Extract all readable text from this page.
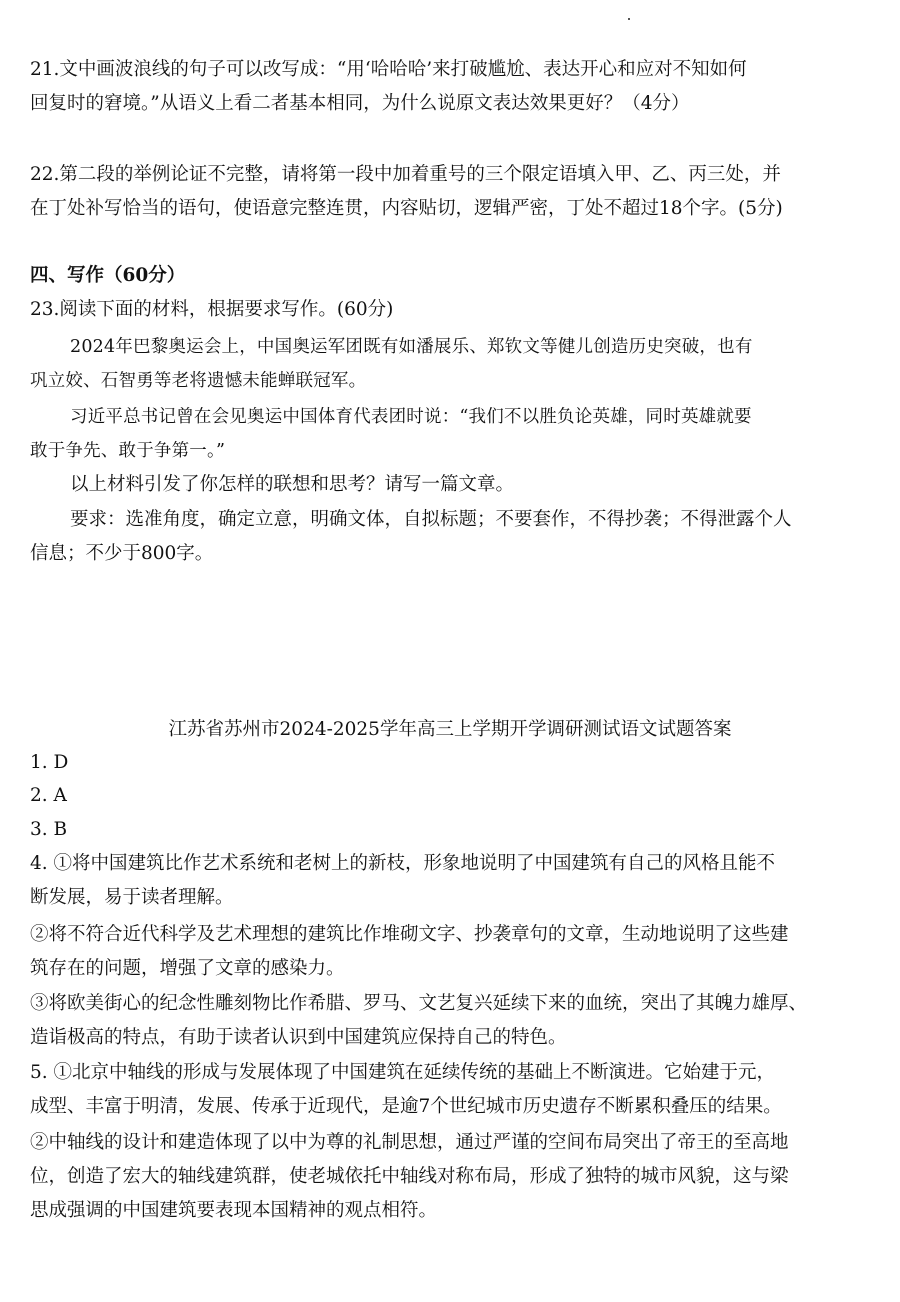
21.文中画波浪线的句子可以改写成：“用‘哈哈哈’来打破尴尬、表达开心和应对不知如何
回复时的窘境。”从语义上看二者基本相同，为什么说原文表达效果更好？（4分）
22.第二段的举例论证不完整，请将第一段中加着重号的三个限定语填入甲、乙、丙三处，并
在丁处补写恰当的语句，使语意完整连贯，内容贴切，逻辑严密，丁处不超过18个字。(5分)
四、写作（60分）
23.阅读下面的材料，根据要求写作。(60分)
2024年巴黎奥运会上，中国奥运军团既有如潘展乐、郑钦文等健儿创造历史突破，也有
巩立姣、石智勇等老将遗憾未能蝉联冠军。
习近平总书记曾在会见奥运中国体育代表团时说：“我们不以胜负论英雄，同时英雄就要
敢于争先、敢于争第一。”
以上材料引发了你怎样的联想和思考？请写一篇文章。
要求：选准角度，确定立意，明确文体，自拟标题；不要套作，不得抄袭；不得泄露个人
信息；不少于800字。
江苏省苏州市2024-2025学年高三上学期开学调研测试语文试题答案
1. D
2. A
3. B
4. ①将中国建筑比作艺术系统和老树上的新枝，形象地说明了中国建筑有自己的风格且能不
断发展，易于读者理解。
②将不符合近代科学及艺术理想的建筑比作堆砌文字、抄袭章句的文章，生动地说明了这些建
筑存在的问题，增强了文章的感染力。
③将欧美街心的纪念性雕刻物比作希腊、罗马、文艺复兴延续下来的血统，突出了其魄力雄厚、
造诣极高的特点，有助于读者认识到中国建筑应保持自己的特色。
5. ①北京中轴线的形成与发展体现了中国建筑在延续传统的基础上不断演进。它始建于元，
成型、丰富于明清，发展、传承于近现代，是逾7个世纪城市历史遗存不断累积叠压的结果。
②中轴线的设计和建造体现了以中为尊的礼制思想，通过严谨的空间布局突出了帝王的至高地
位，创造了宏大的轴线建筑群，使老城依托中轴线对称布局，形成了独特的城市风貌，这与梁
思成强调的中国建筑要表现本国精神的观点相符。
